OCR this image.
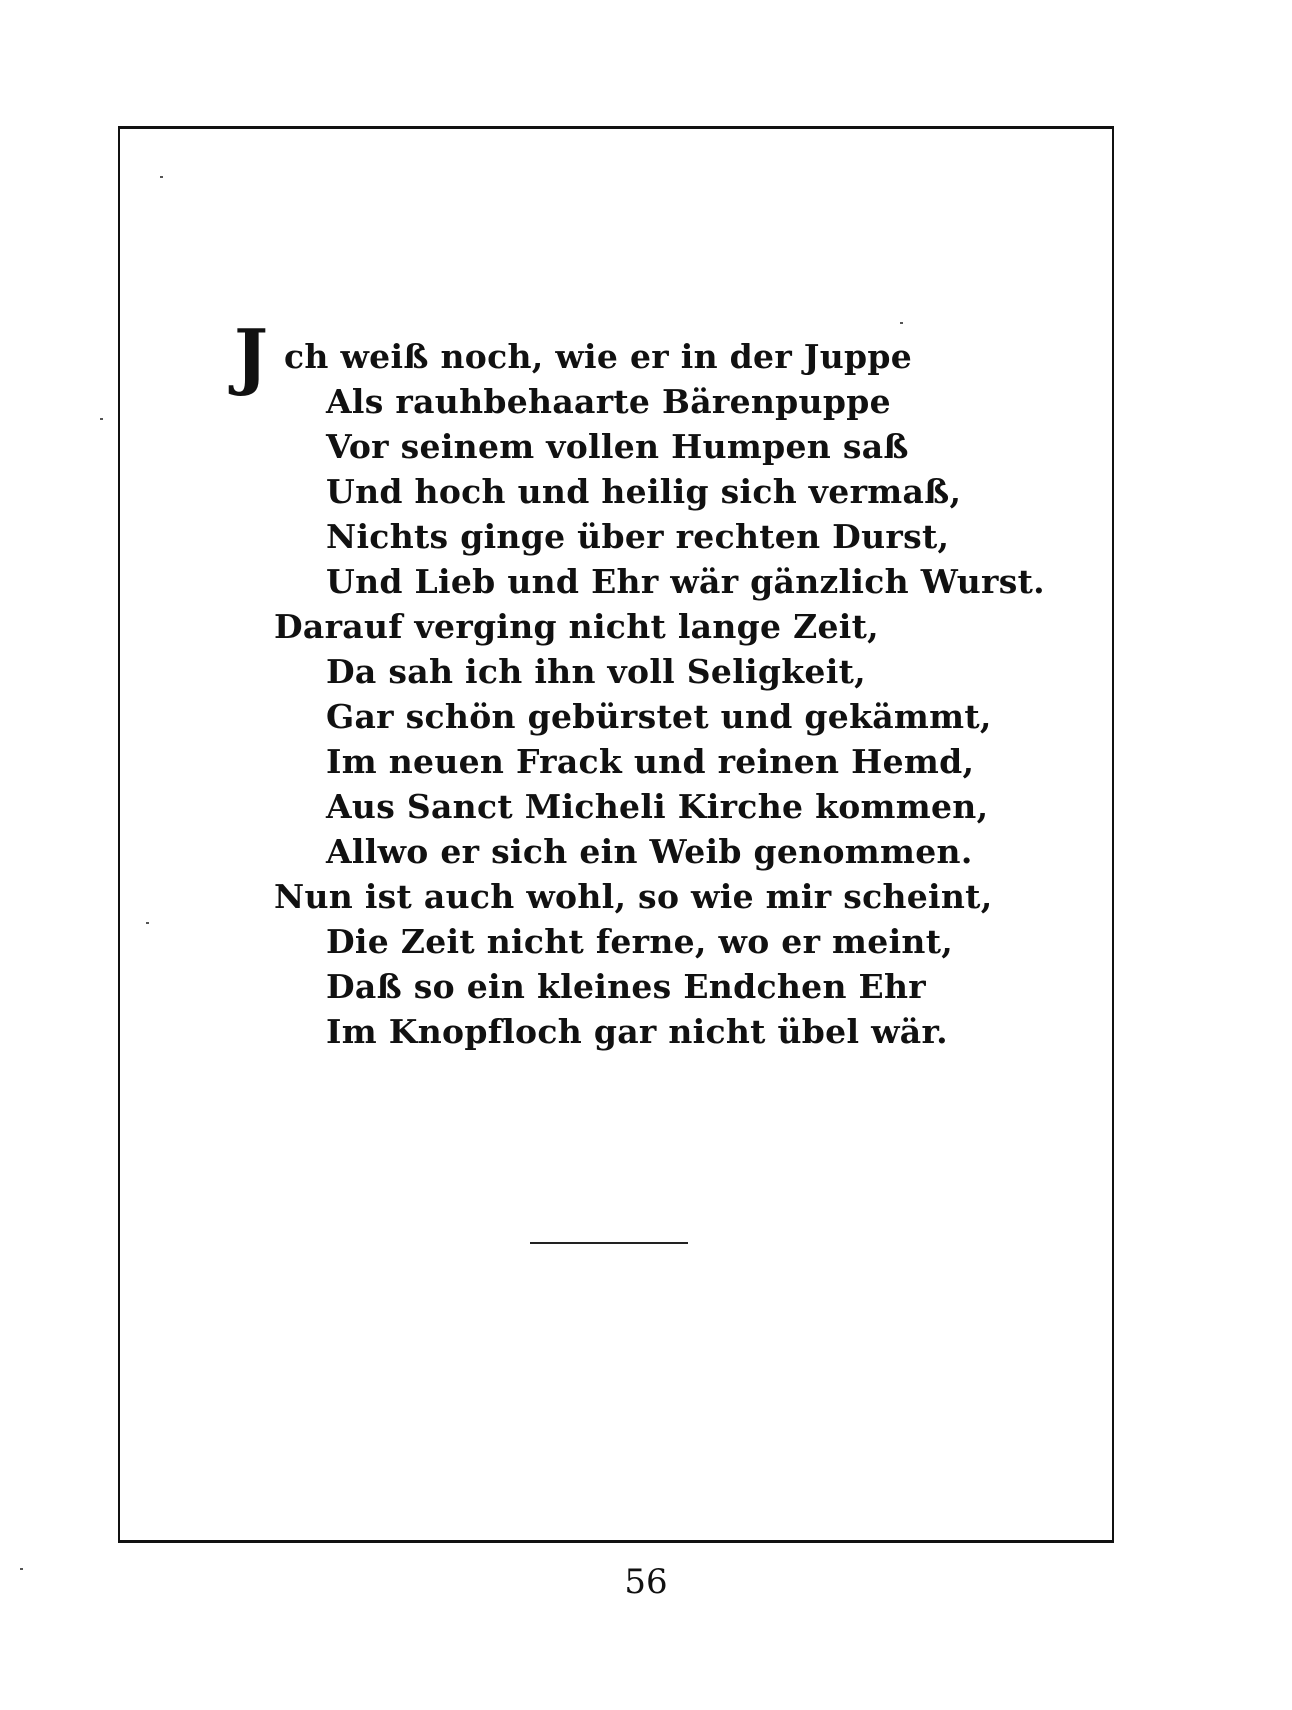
J ch weiß noch, wie er in der Juppe
Als rauhbehaarte Bärenpuppe
Vor seinem vollen Humpen saß
Und hoch und heilig sich vermaß,
Nichts ginge über rechten Durst,
Und Lieb und Ehr wär gänzlich Wurst.
Darauf verging nicht lange Zeit,
Da sah ich ihn voll Seligkeit,
Gar schön gebürstet und gekämmt,
Im neuen Frack und reinen Hemd,
Aus Sanct Micheli Kirche kommen,
Allwo er sich ein Weib genommen.
Nun ist auch wohl, so wie mir scheint,
Die Zeit nicht ferne, wo er meint,
Daß so ein kleines Endchen Ehr
Im Knopfloch gar nicht übel wär.
56
